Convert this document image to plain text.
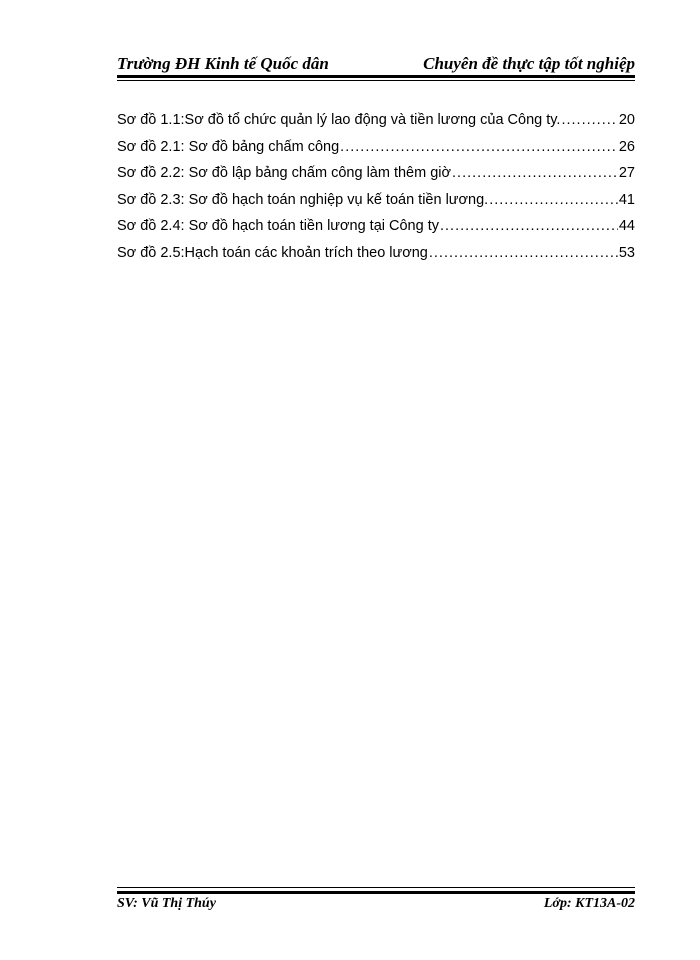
Trường ĐH Kinh tế Quốc dân	Chuyên đề thực tập tốt nghiệp
Sơ đồ 1.1:Sơ đồ tổ chức quản lý lao động và tiền lương của Công ty. .....	20
Sơ đồ 2.1: Sơ đồ bảng chấm công .....	26
Sơ đồ 2.2: Sơ đồ lập bảng chấm công làm thêm giờ .....	27
Sơ đồ 2.3: Sơ đồ hạch toán nghiệp vụ kế toán tiền lương. .....	41
Sơ đồ 2.4: Sơ đồ hạch toán tiền lương tại Công ty .....	44
Sơ đồ 2.5:Hạch toán các khoản trích theo lương .....	53
SV: Vũ Thị Thúy	Lớp: KT13A-02
